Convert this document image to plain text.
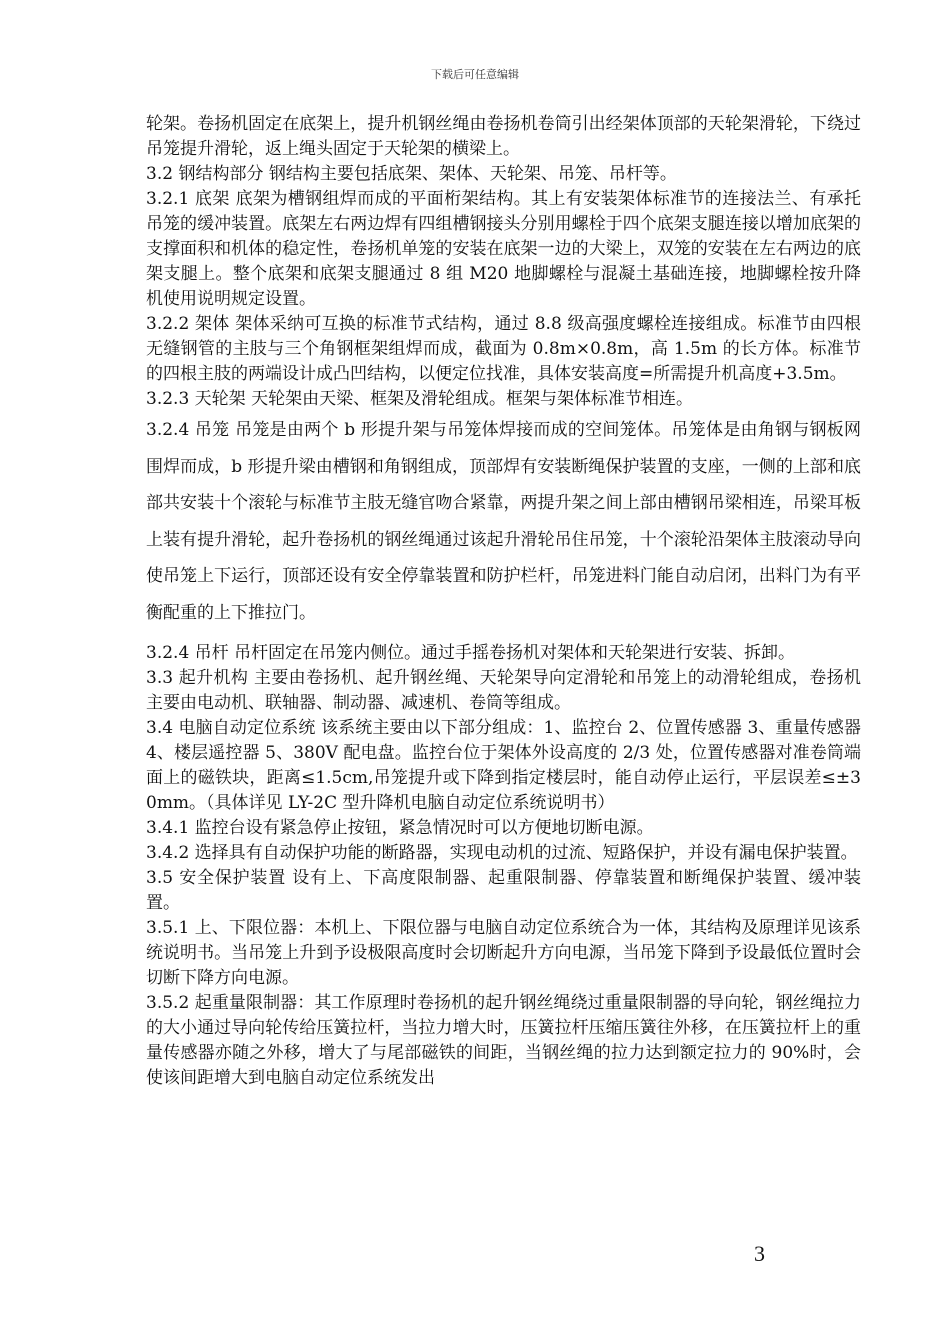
下载后可任意编辑

轮架。卷扬机固定在底架上，提升机钢丝绳由卷扬机卷筒引出经架体顶部的天轮架滑轮，下绕过吊笼提升滑轮，返上绳头固定于天轮架的横梁上。

3.2 钢结构部分 钢结构主要包括底架、架体、天轮架、吊笼、吊杆等。

3.2.1 底架 底架为槽钢组焊而成的平面桁架结构。其上有安装架体标准节的连接法兰、有承托吊笼的缓冲装置。底架左右两边焊有四组槽钢接头分别用螺栓于四个底架支腿连接以增加底架的支撑面积和机体的稳定性，卷扬机单笼的安装在底架一边的大梁上，双笼的安装在左右两边的底架支腿上。整个底架和底架支腿通过 8 组 M20 地脚螺栓与混凝土基础连接，地脚螺栓按升降机使用说明规定设置。

3.2.2 架体 架体采纳可互换的标准节式结构，通过 8.8 级高强度螺栓连接组成。标准节由四根无缝钢管的主肢与三个角钢框架组焊而成，截面为 0.8m×0.8m，高 1.5m 的长方体。标准节的四根主肢的两端设计成凸凹结构，以便定位找准，具体安装高度=所需提升机高度+3.5m。

3.2.3 天轮架 天轮架由天梁、框架及滑轮组成。框架与架体标准节相连。

3.2.4 吊笼 吊笼是由两个 b 形提升架与吊笼体焊接而成的空间笼体。吊笼体是由角钢与钢板网围焊而成，b 形提升梁由槽钢和角钢组成，顶部焊有安装断绳保护装置的支座，一侧的上部和底部共安装十个滚轮与标准节主肢无缝官吻合紧靠，两提升架之间上部由槽钢吊梁相连，吊梁耳板上装有提升滑轮，起升卷扬机的钢丝绳通过该起升滑轮吊住吊笼，十个滚轮沿架体主肢滚动导向使吊笼上下运行，顶部还设有安全停靠装置和防护栏杆，吊笼进料门能自动启闭，出料门为有平衡配重的上下推拉门。

3.2.4 吊杆 吊杆固定在吊笼内侧位。通过手摇卷扬机对架体和天轮架进行安装、拆卸。

3.3 起升机构 主要由卷扬机、起升钢丝绳、天轮架导向定滑轮和吊笼上的动滑轮组成，卷扬机主要由电动机、联轴器、制动器、减速机、卷筒等组成。

3.4 电脑自动定位系统 该系统主要由以下部分组成：1、监控台 2、位置传感器 3、重量传感器 4、楼层遥控器 5、380V 配电盘。监控台位于架体外设高度的 2/3 处，位置传感器对准卷筒端面上的磁铁块，距离≤1.5cm,吊笼提升或下降到指定楼层时，能自动停止运行，平层误差≤±30mm。（具体详见 LY-2C 型升降机电脑自动定位系统说明书）

3.4.1 监控台设有紧急停止按钮，紧急情况时可以方便地切断电源。

3.4.2 选择具有自动保护功能的断路器，实现电动机的过流、短路保护，并设有漏电保护装置。

3.5 安全保护装置 设有上、下高度限制器、起重限制器、停靠装置和断绳保护装置、缓冲装置。

3.5.1 上、下限位器：本机上、下限位器与电脑自动定位系统合为一体，其结构及原理详见该系统说明书。当吊笼上升到予设极限高度时会切断起升方向电源，当吊笼下降到予设最低位置时会切断下降方向电源。

3.5.2 起重量限制器：其工作原理时卷扬机的起升钢丝绳绕过重量限制器的导向轮，钢丝绳拉力的大小通过导向轮传给压簧拉杆，当拉力增大时，压簧拉杆压缩压簧往外移，在压簧拉杆上的重量传感器亦随之外移，增大了与尾部磁铁的间距，当钢丝绳的拉力达到额定拉力的 90%时，会使该间距增大到电脑自动定位系统发出

3
